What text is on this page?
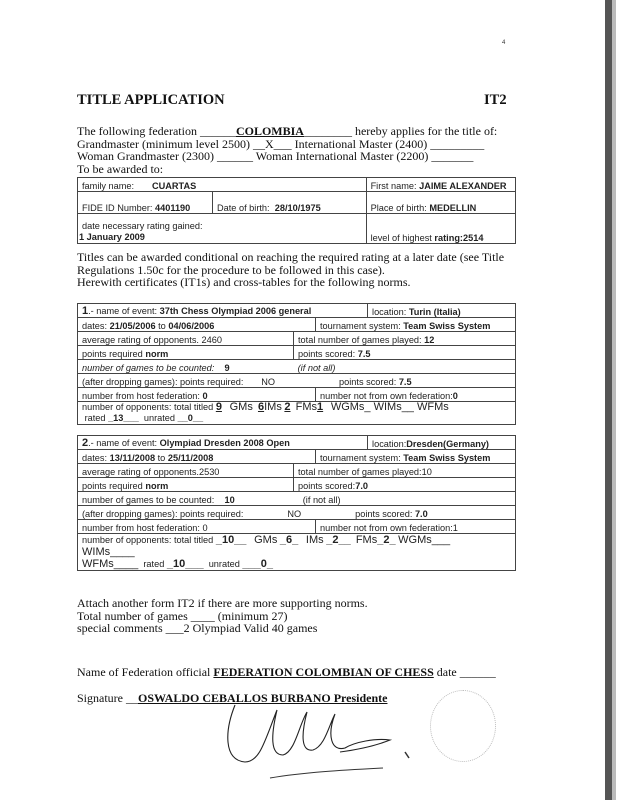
4
TITLE APPLICATION	IT2
The following federation ______COLOMBIA________ hereby applies for the title of:
Grandmaster (minimum level 2500) __X___ International Master (2400) _________
Woman Grandmaster (2300) ______ Woman International Master (2200) _______
To be awarded to:
family name: CUARTAS		First name: JAIME ALEXANDER
FIDE ID Number: 4401190	Date of birth: 28/10/1975	Place of birth: MEDELLIN

date necessary rating gained:
1 January 2009		level of highest rating:2514
Titles can be awarded conditional on reaching the required rating at a later date (see Title
Regulations 1.50c for the procedure to be followed in this case).
Herewith certificates (IT1s) and cross-tables for the following norms.
1.- name of event: 37th Chess Olympiad 2006 general			location: Turin (Italia)
dates: 21/05/2006 to 04/06/2006		tournament system: Team Swiss System	
average rating of opponents. 2460	total number of games played: 12		
points required norm	points scored: 7.5		
number of games to be counted: 9 (if not all)			
(after dropping games): points required: NO points scored: 7.5			
number from host federation: 0		number not from own federation:0	

number of opponents: total titled 9 GMs 6IMs 2 FMs1 WGMs_ WIMs__ WFMs
rated _13___ unrated __0__			
2.- name of event: Olympiad Dresden 2008 Open			location:Dresden(Germany)
dates: 13/11/2008 to 25/11/2008		tournament system: Team Swiss System	
average rating of opponents.2530	total number of games played:10		
points required norm	points scored:7.0		
number of games to be counted: 10 (if not all)			
(after dropping games): points required: NO points scored: 7.0			
number from host federation: 0		number not from own federation:1	

number of opponents: total titled _10__ GMs _6_ IMs _2__ FMs_2_ WGMs___
WIMs____
WFMs____ rated _10___ unrated ___0_			
Attach another form IT2 if there are more supporting norms.
Total number of games ____ (minimum 27)
special comments ___2 Olympiad Valid 40 games
Name of Federation official FEDERATION COLOMBIAN OF CHESS date ______
Signature __OSWALDO CEBALLOS BURBANO Presidente
